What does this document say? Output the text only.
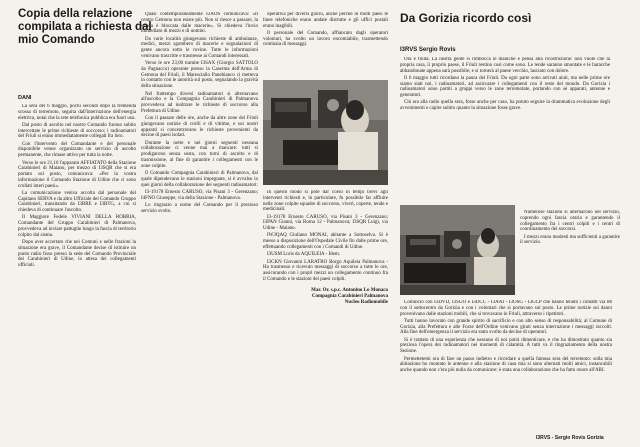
Copia della relazione compilata a richiesta dal mio Comando
DANI

La sera del 6 maggio, pochi secondi dopo la tremenda scossa di terremoto, seguita dall'interruzione dell'energia elettrica, notai che la rete telefonica pubblica era fuori uso.

Dal posto di ascolto nel nostro Comando furono subito intercettate le prime richieste di soccorso; i radioamatori del Friuli si erano immediatamente collegati fra loro.

Con l'intervento del Comandante e del personale disponibile venne organizzato un servizio di ascolto permanente, che rimase attivo per tutta la notte.

Verso le ore 21,10 l'apparato AFFIATATO della Stazione Carabinieri di Maiano, per mezzo di I3SQR che si era portato sul posto, comunicava: «Per la vostra informazione il Comando Stazione di Udine che ci sono crollati interi paesi».

La comunicazione veniva accolta dal personale del Capitano SERVA e da altro Ufficiale del Comando Gruppo Carabinieri, transitando da I3BRE e I3BTG, a cui si chiedeva di continuare l'ascolto.

Il Maggiore Fedele VIVIANI DELLA ROBBIA, Comandante del Gruppo Carabinieri di Palmanova, provvedeva ad inviare pattuglie lungo la fascia di territorio colpito dal sisma.

Dopo aver accertato che nei Comuni e nelle frazioni la situazione era grave, il Comandante decise di istituire un punto radio fisso presso la sede del Comando Provinciale dei Carabinieri di Udine, in attesa dei collegamenti ufficiali.

Quasi contemporaneamente I3AOS comunicava: «Il centro Gemona non esiste più. Non si riesce a passare, la strada è bloccata dalle macerie». Si chiedeva l'invio immediato di mezzi e di uomini.

Da varie località giungevano richieste di ambulanze, medici, mezzi sgombero di macerie e segnalazioni di gente ancora sotto le rovine. Tutte le informazioni venivano trascritte e trasmesse ai Comandi interessati.

Verso le ore 23,00 tramite I3SAX (Giorgio SATTOLO da Pagnacco) operante presso la Caserma dell'Arma di Gemona del Friuli, il Maresciallo Panebianco ci metteva in contatto con le autorità sul posto, segnalando la gravità della situazione.

Nel frattempo diversi radioamatori si alternavano all'ascolto e la Compagnia Carabinieri di Palmanova provvedeva ad inoltrare le richieste di soccorso alla Prefettura di Udine.

Con il passare delle ore, anche da altre zone del Friuli giungevano notizie di crolli e di vittime, e sui nostri apparati si concentravano le richieste provenienti da decine di paesi isolati.

Durante la notte e nei giorni seguenti nessuna collaborazione ci venne mai a mancare: tutti si prodigarono senza sosta, con turni di ascolto e di trasmissione, al fine di garantire i collegamenti con le zone colpite.

Il Comando Compagnia Carabinieri di Palmanova, dal quale dipendevano le stazioni impegnate, si è avvalso in quei giorni della collaborazione dei seguenti radioamatori:

I3-19178 Ernesto CARUSO, via Pisani 3 - Gerenzano; I4FNO Giuseppe, via della Stazione - Palmanova.

Lo ringrazio a nome del Comando per il prezioso servizio svolto.

operativa per diversi giorni, anche perché in molti paesi le linee telefoniche erano andate distrutte e gli uffici postali erano inagibili.

Il personale del Comando, affiancato dagli operatori volontari, ha svolto un lavoro encomiabile, trasmettendo centinaia di messaggi.

In questo modo si poté dar corso in tempi brevi agli interventi richiesti e, in particolare, fu possibile far affluire nelle zone colpite squadre di soccorso, viveri, coperte, tende e medicinali.

I3-19178 Ernesto CARUSO, via Pisani 3 - Gerenzano; I3PAN Gianni, via Roma 12 - Palmanova; I3SQR Luigi, via Udine - Maiano.

IW3QAQ Giuliano MONAI, abitante a Sottoselva. Si è messo a disposizione dell'Ospedale Civile fin dalle prime ore, effettuando collegamenti con i Comandi di Udine.

I3USM Loris da AQUILEIA - Idem.

I3CKN Giovanni LARATRO Borgo Aquileia Palmanova - Ha trasmesso e ricevuto messaggi di soccorso a tutte le ore, assicurando con i propri mezzi un collegamento continuo fra il Comando e le stazioni dei paesi colpiti.

Mar. Or. s.p.c. Antonino Lo Monaco
Compagnia Carabinieri Palmanova
Nucleo Radiomobile
Da Gorizia ricordo così
I3RVS Sergio Rovis

Ora è finita. La nostra gente si rimbocca le maniche e pensa alla ricostruzione: non vuole che la propria casa, il proprio paese, il Friuli restino così come sono. Le tende saranno smontate e le baracche abbandonate appena sarà possibile; e si tornerà al paese vecchio, lasciato con dolore.

Il 6 maggio tutti ricordano la paura del Friuli. Da ogni parte sono arrivati aiuti, ma nelle prime ore siamo stati noi, i radioamatori, ad assicurare i collegamenti con il resto del mondo. Da Gorizia i radioamatori sono partiti a gruppi verso le zone terremotate, portando con sé apparati, antenne e generatori.

Chi era alla radio quella sera, forse anche per caso, ha potuto seguire la drammatica evoluzione degli avvenimenti e capire subito quanto la situazione fosse grave.

Numerose stazioni si alternarono nel servizio, coprendo ogni fascia oraria e garantendo il collegamento fra i centri colpiti e i centri di coordinamento dei soccorsi.

I mezzi erano modesti ma sufficienti a garantire il servizio.

Cominciò con I3DVD, I3SUO e I3DCC - I3AAI - I3OSG - I3GCP che hanno tenuto i contatti via 88 con il sottocentro da Gorizia e con i volontari che si portavano sul posto. Le prime notizie sui danni provenivano dalle stazioni mobili, che si trovavano in Friuli, attraverso i ripetitori.

Tutti hanno lavorato con grande spirito di sacrificio e con alto senso di responsabilità; al Comune di Gorizia, alla Prefettura e alle Forze dell'Ordine venivano girati senza interruzione i messaggi raccolti. Alla fine dell'emergenza il servizio era stato svolto da decine di operatori.

Si è trattato di una esperienza che nessuno di noi potrà dimenticare, e che ha dimostrato quanto sia preziosa l'opera dei radioamatori nei momenti di calamità. A tutti va il ringraziamento della nostra Sezione.

Permettetemi ora di fare un passo indietro e ricordare a quella famosa sera del terremoto: sulla mia abitazione ho montato le antenne e alla stazione di casa mia si sono alternati molti amici, instancabili anche quando non c'era più nulla da comunicare: è stata una collaborazione che ha fatto onore all'ARI.

I3RVS - Sergio Rovis Gorizia
